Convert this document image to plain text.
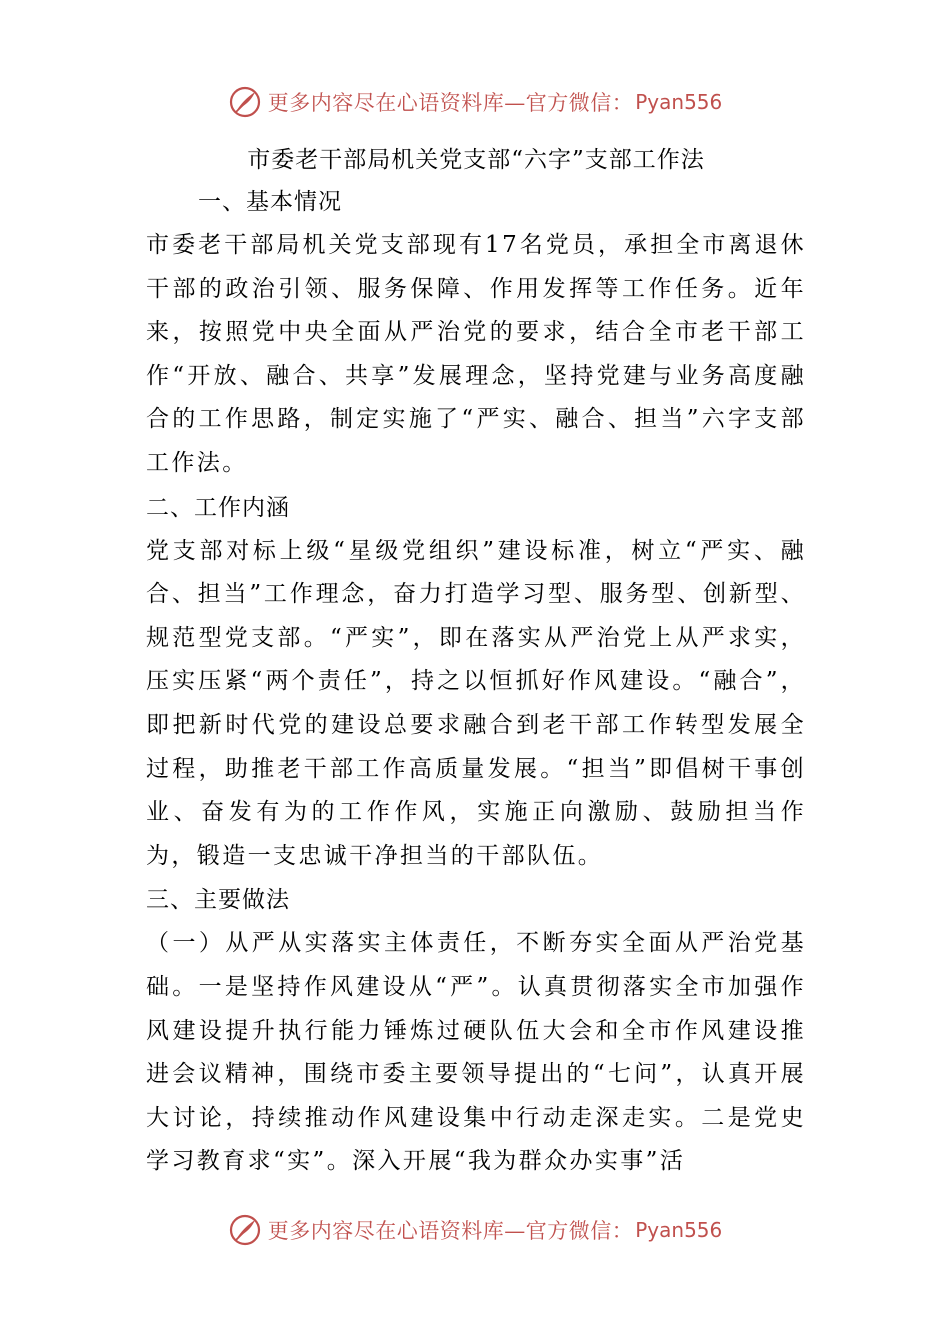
更多内容尽在心语资料库—官方微信： Pyan556
市委老干部局机关党支部“六字”支部工作法
一、基本情况

市委老干部局机关党支部现有17名党员，承担全市离退休干部的政治引领、服务保障、作用发挥等工作任务。近年来，按照党中央全面从严治党的要求，结合全市老干部工作“开放、融合、共享”发展理念，坚持党建与业务高度融合的工作思路，制定实施了“严实、融合、担当”六字支部工作法。

二、工作内涵

党支部对标上级“星级党组织”建设标准，树立“严实、融合、担当”工作理念，奋力打造学习型、服务型、创新型、规范型党支部。“严实”，即在落实从严治党上从严求实，压实压紧“两个责任”，持之以恒抓好作风建设。“融合”，即把新时代党的建设总要求融合到老干部工作转型发展全过程，助推老干部工作高质量发展。“担当”即倡树干事创业、奋发有为的工作作风，实施正向激励、鼓励担当作为，锻造一支忠诚干净担当的干部队伍。

三、主要做法

（一）从严从实落实主体责任，不断夯实全面从严治党基础。一是坚持作风建设从“严”。认真贯彻落实全市加强作风建设提升执行能力锤炼过硬队伍大会和全市作风建设推进会议精神，围绕市委主要领导提出的“七问”，认真开展大讨论，持续推动作风建设集中行动走深走实。二是党史学习教育求“实”。深入开展“我为群众办实事”活

更多内容尽在心语资料库—官方微信： Pyan556
